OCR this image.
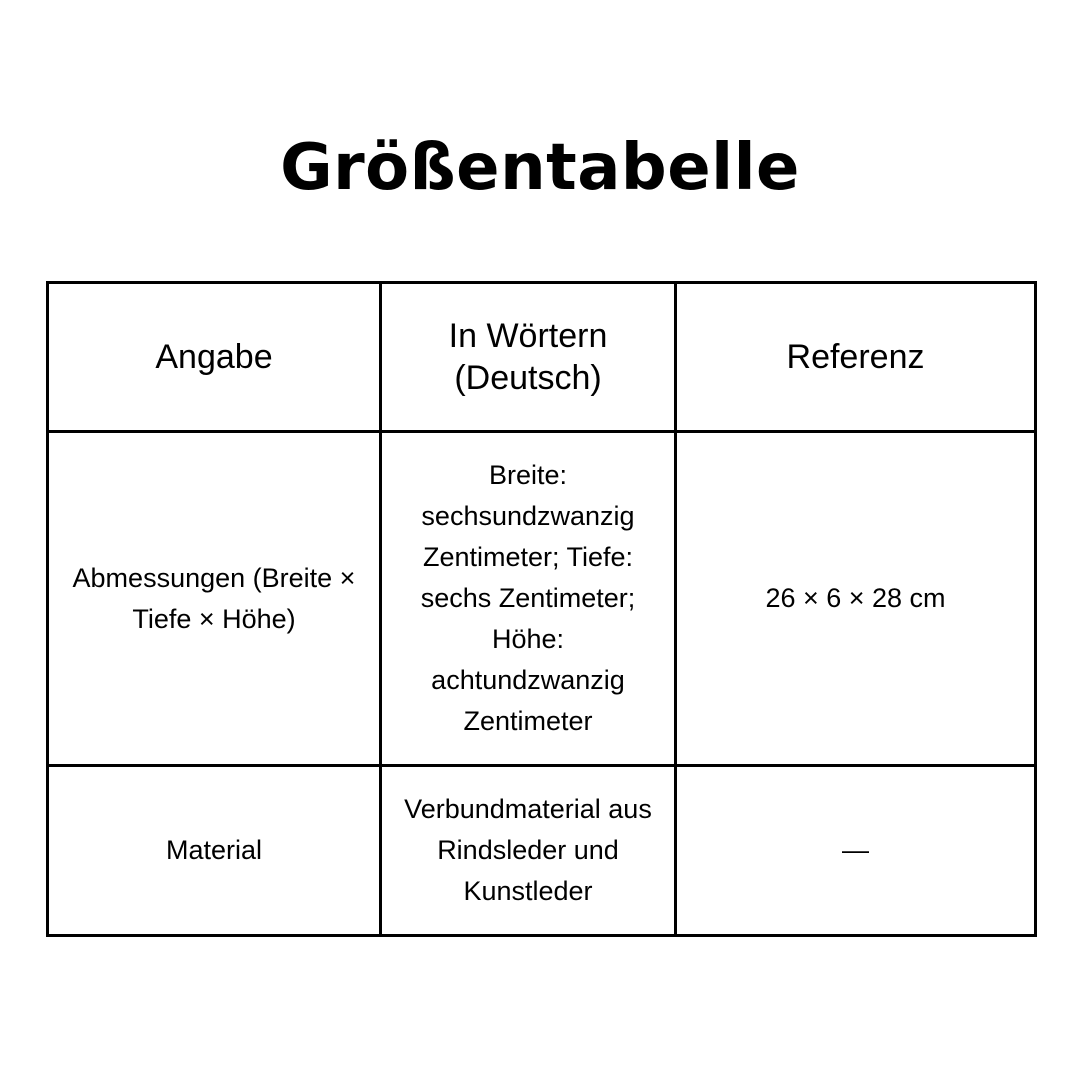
Größentabelle
Angabe	In Wörtern (Deutsch)	Referenz
Abmessungen (Breite × Tiefe × Höhe)	Breite: sechsundzwanzig Zentimeter; Tiefe: sechs Zentimeter; Höhe: achtundzwanzig Zentimeter	26 × 6 × 28 cm
Material	Verbundmaterial aus Rindsleder und Kunstleder	—
